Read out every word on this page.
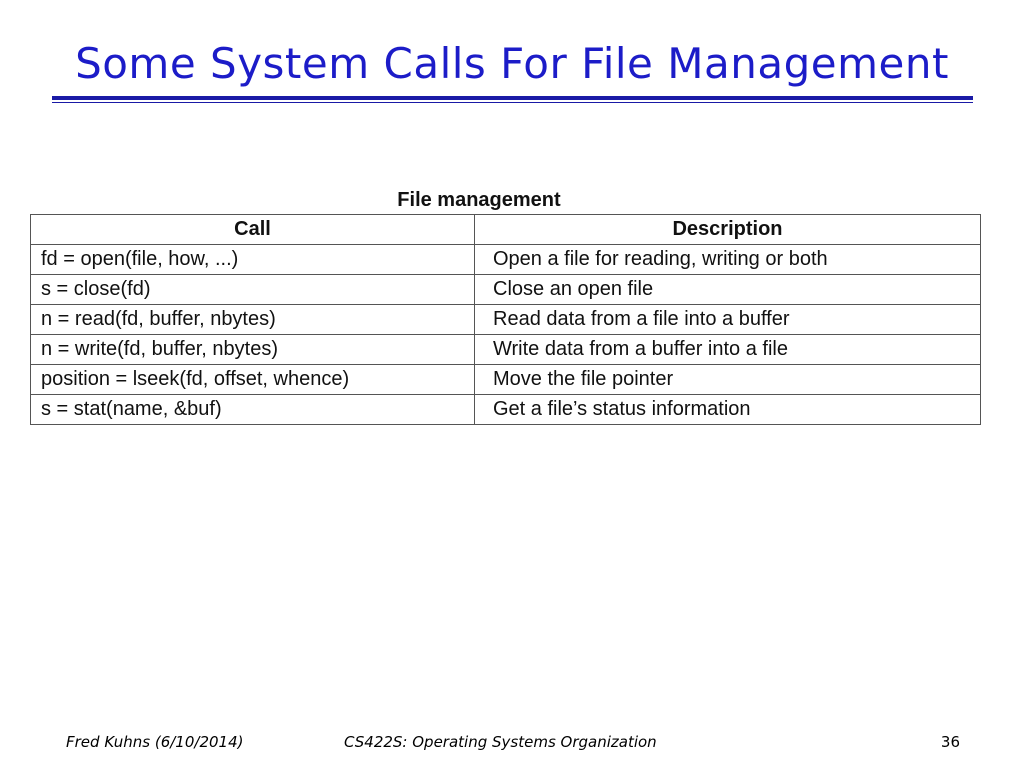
Some System Calls For File Management
File management
Call	Description
fd = open(file, how, ...)	Open a file for reading, writing or both
s = close(fd)	Close an open file
n = read(fd, buffer, nbytes)	Read data from a file into a buffer
n = write(fd, buffer, nbytes)	Write data from a buffer into a file
position = lseek(fd, offset, whence)	Move the file pointer
s = stat(name, &buf)	Get a file’s status information
Fred Kuhns (6/10/2014)	CS422S: Operating Systems Organization	36
